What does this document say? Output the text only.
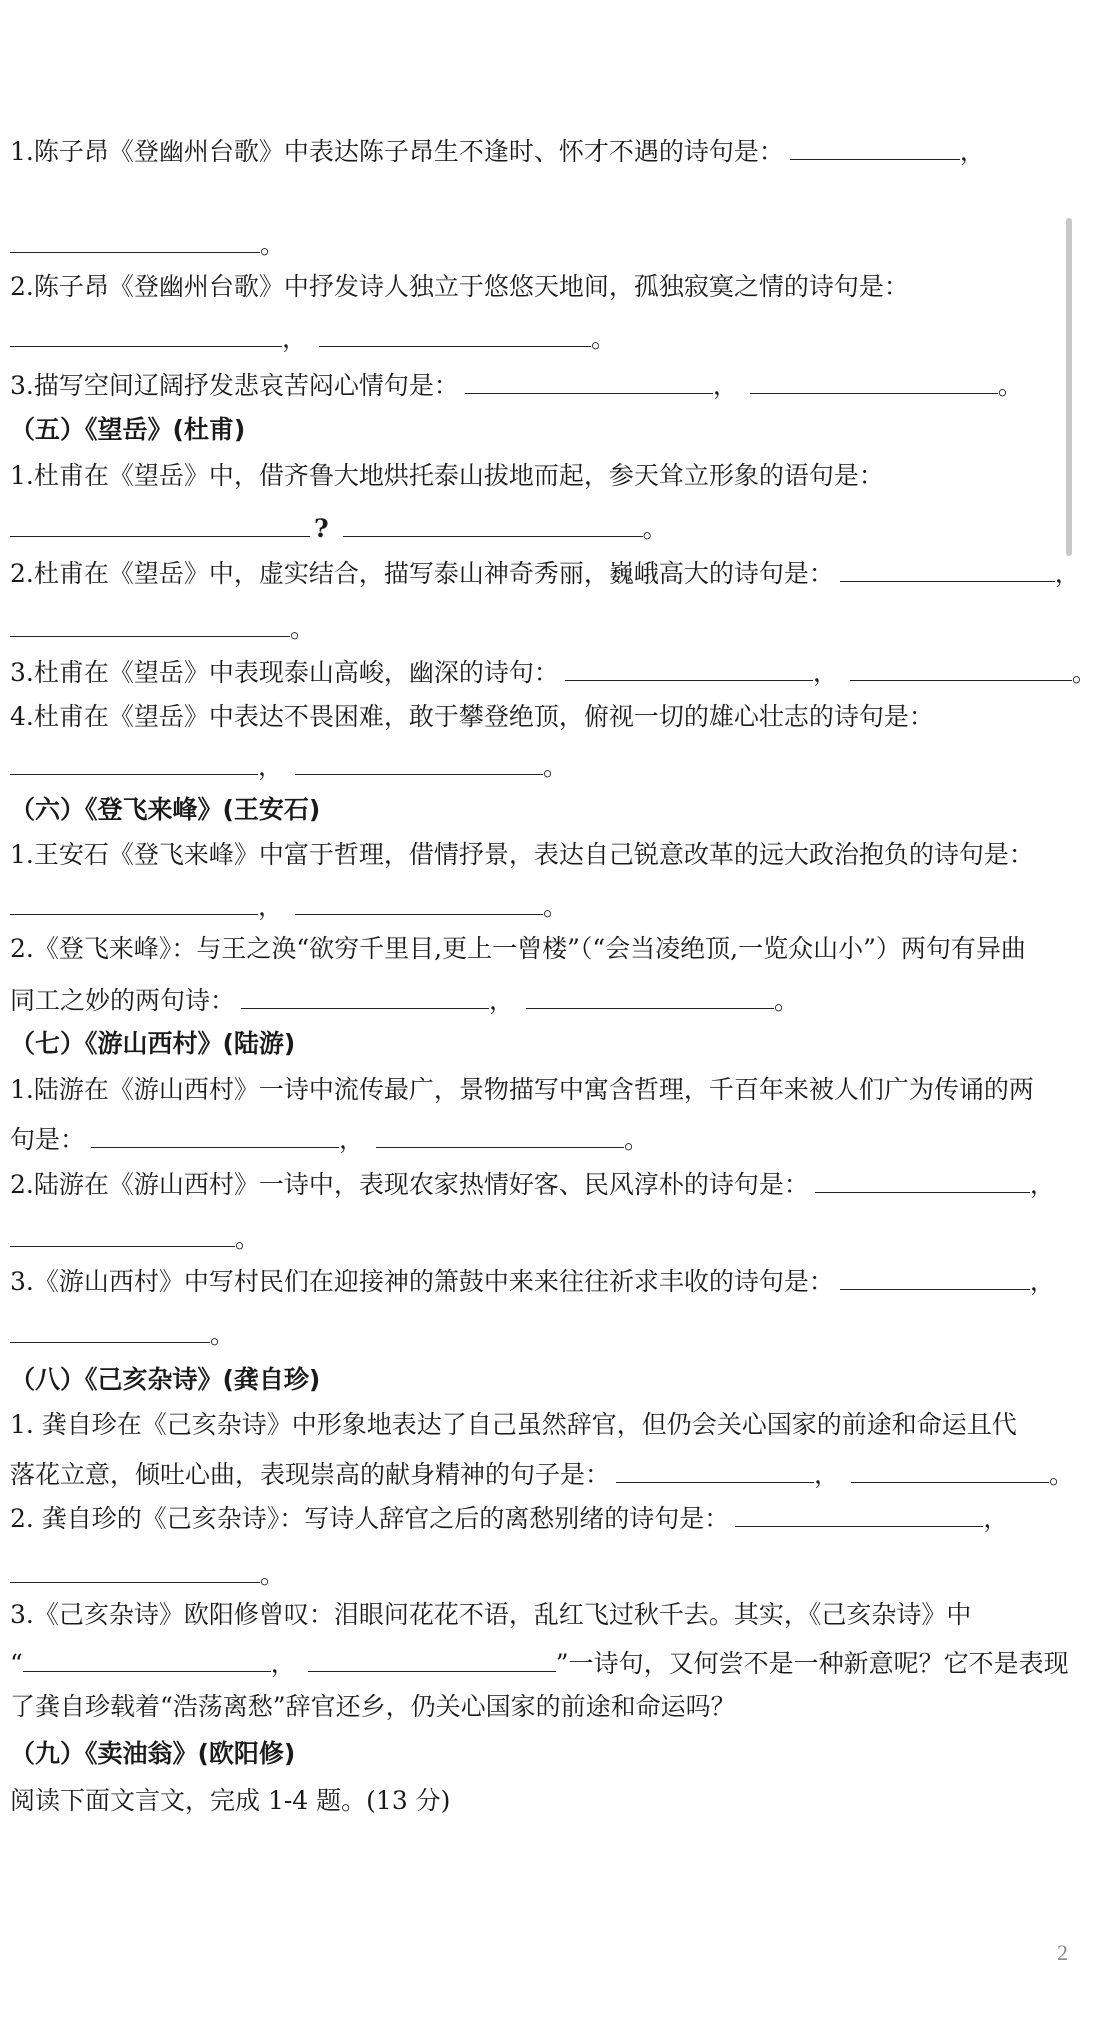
1.陈子昂《登幽州台歌》中表达陈子昂生不逢时、怀才不遇的诗句是：	，
。
2.陈子昂《登幽州台歌》中抒发诗人独立于悠悠天地间，孤独寂寞之情的诗句是：
，	。
3.描写空间辽阔抒发悲哀苦闷心情句是：	，	。
（五）《望岳》(杜甫)
1.杜甫在《望岳》中，借齐鲁大地烘托泰山拔地而起，参天耸立形象的语句是：
?	。
2.杜甫在《望岳》中，虚实结合，描写泰山神奇秀丽，巍峨高大的诗句是：	，
。
3.杜甫在《望岳》中表现泰山高峻，幽深的诗句：	，	。
4.杜甫在《望岳》中表达不畏困难，敢于攀登绝顶，俯视一切的雄心壮志的诗句是：
，	。
（六）《登飞来峰》(王安石)
1.王安石《登飞来峰》中富于哲理，借情抒景，表达自己锐意改革的远大政治抱负的诗句是：
，	。
2.《登飞来峰》：与王之涣“欲穷千里目,更上一曾楼”（“会当凌绝顶,一览众山小”）两句有异曲
同工之妙的两句诗：	，	。
（七）《游山西村》(陆游)
1.陆游在《游山西村》一诗中流传最广，景物描写中寓含哲理，千百年来被人们广为传诵的两
句是：	，	。
2.陆游在《游山西村》一诗中，表现农家热情好客、民风淳朴的诗句是：	，
。
3.《游山西村》中写村民们在迎接神的箫鼓中来来往往祈求丰收的诗句是：	，
。
（八）《己亥杂诗》(龚自珍)
1. 龚自珍在《己亥杂诗》中形象地表达了自己虽然辞官，但仍会关心国家的前途和命运且代
落花立意，倾吐心曲，表现崇高的献身精神的句子是：	，	。
2. 龚自珍的《己亥杂诗》：写诗人辞官之后的离愁别绪的诗句是：	，
。
3.《己亥杂诗》欧阳修曾叹：泪眼问花花不语，乱红飞过秋千去。其实，《己亥杂诗》中
“	，	”一诗句，又何尝不是一种新意呢？它不是表现
了龚自珍载着“浩荡离愁”辞官还乡，仍关心国家的前途和命运吗？
（九）《卖油翁》(欧阳修)
阅读下面文言文，完成 1-4 题。(13 分)
2
